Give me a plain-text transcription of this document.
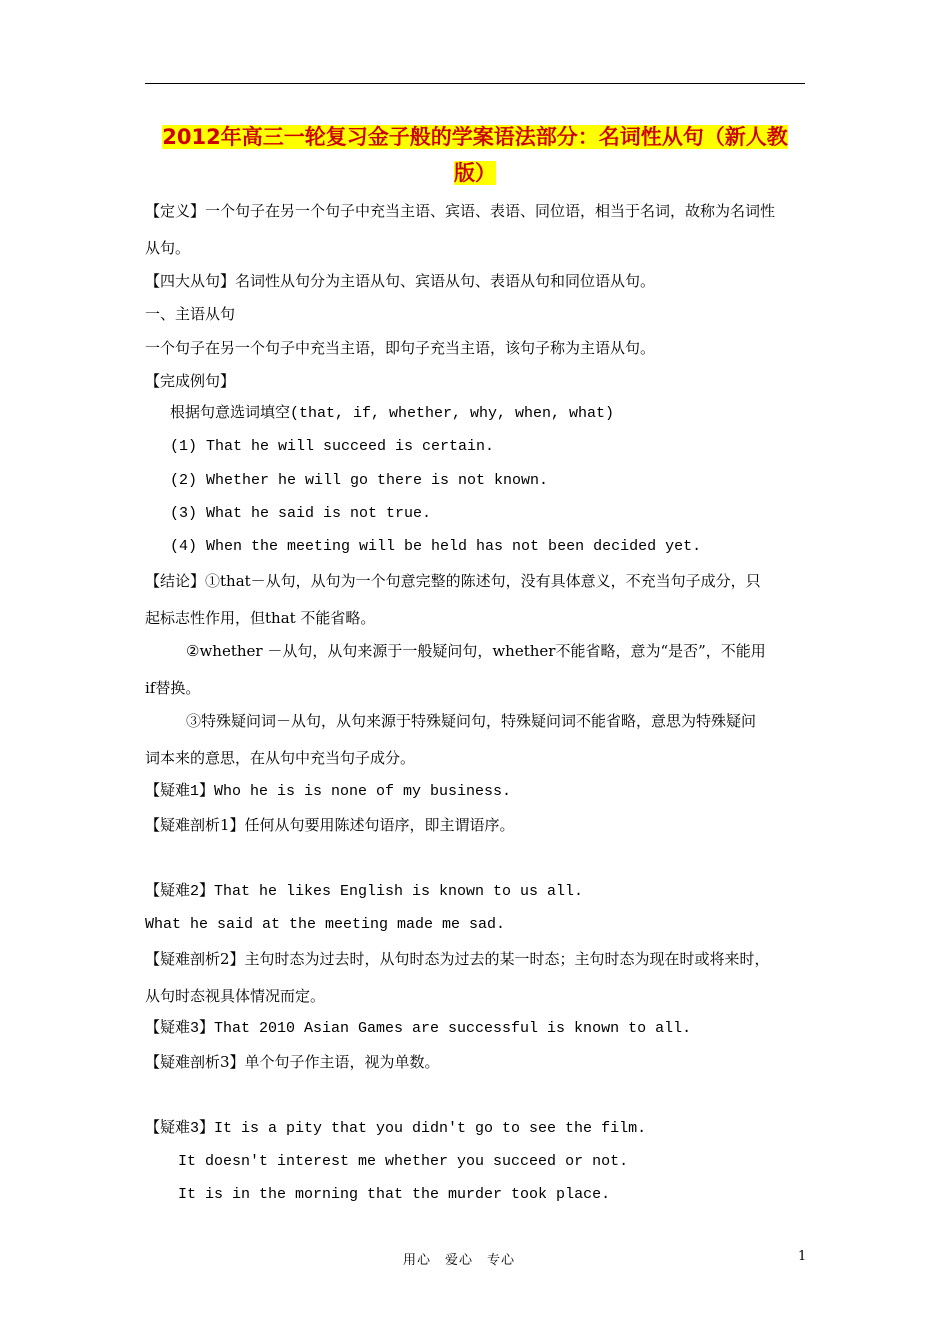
2012年高三一轮复习金子般的学案语法部分：名词性从句（新人教
版）
【定义】一个句子在另一个句子中充当主语、宾语、表语、同位语，相当于名词，故称为名词性
从句。
【四大从句】名词性从句分为主语从句、宾语从句、表语从句和同位语从句。
一、主语从句
一个句子在另一个句子中充当主语，即句子充当主语，该句子称为主语从句。
【完成例句】
根据句意选词填空(that, if, whether, why, when, what)
(1) That he will succeed is certain.
(2) Whether he will go there is not known.
(3) What he said is not true.
(4) When the meeting will be held has not been decided yet.
【结论】①that－从句，从句为一个句意完整的陈述句，没有具体意义，不充当句子成分，只
起标志性作用，但that 不能省略。
②whether －从句，从句来源于一般疑问句，whether不能省略，意为“是否”，不能用
if替换。
③特殊疑问词－从句，从句来源于特殊疑问句，特殊疑问词不能省略，意思为特殊疑问
词本来的意思，在从句中充当句子成分。
【疑难1】Who he is is none of my business.
【疑难剖析1】任何从句要用陈述句语序，即主谓语序。
【疑难2】That he likes English is known to us all.
What he said at the meeting made me sad.
【疑难剖析2】主句时态为过去时，从句时态为过去的某一时态；主句时态为现在时或将来时，
从句时态视具体情况而定。
【疑难3】That 2010 Asian Games are successful is known to all.
【疑难剖析3】单个句子作主语，视为单数。
【疑难3】It is a pity that you didn't go to see the film.
It doesn't interest me whether you succeed or not.
It is in the morning that the murder took place.
用心　爱心　专心	1
